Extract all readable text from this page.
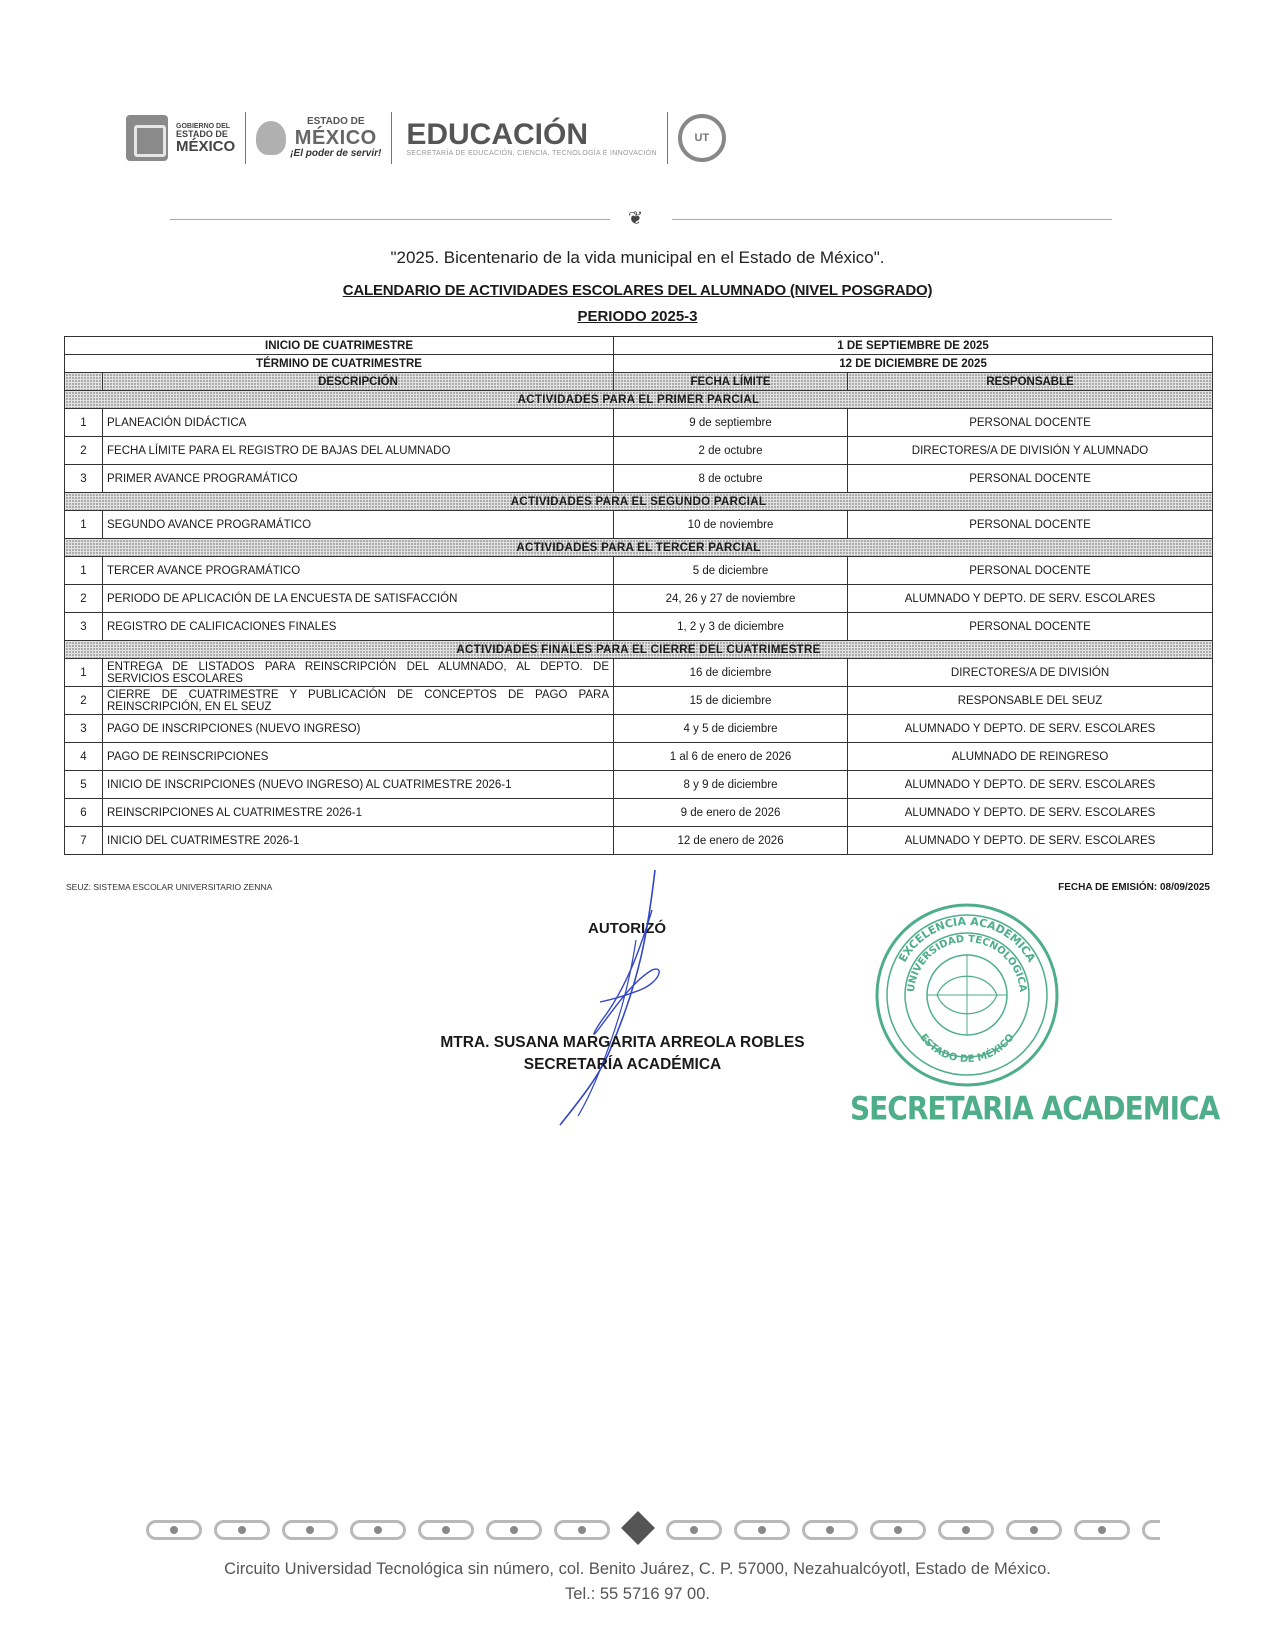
GOBIERNO DEL
ESTADO DE
MÉXICO
ESTADO DE
MÉXICO
¡El poder de servir!
EDUCACIÓN
SECRETARÍA DE EDUCACIÓN, CIENCIA, TECNOLOGÍA E INNOVACIÓN
UT
❦
"2025. Bicentenario de la vida municipal en el Estado de México".
CALENDARIO DE ACTIVIDADES ESCOLARES DEL ALUMNADO (NIVEL POSGRADO)
PERIODO 2025-3
INICIO DE CUATRIMESTRE		1 DE SEPTIEMBRE DE 2025	
TÉRMINO DE CUATRIMESTRE		12 DE DICIEMBRE DE 2025	
	DESCRIPCIÓN	FECHA LÍMITE	RESPONSABLE
ACTIVIDADES PARA EL PRIMER PARCIAL			
1	PLANEACIÓN DIDÁCTICA	9 de septiembre	PERSONAL DOCENTE
2	FECHA LÍMITE PARA EL REGISTRO DE BAJAS DEL ALUMNADO	2 de octubre	DIRECTORES/A DE DIVISIÓN Y ALUMNADO
3	PRIMER AVANCE PROGRAMÁTICO	8 de octubre	PERSONAL DOCENTE
ACTIVIDADES PARA EL SEGUNDO PARCIAL			
1	SEGUNDO AVANCE PROGRAMÁTICO	10 de noviembre	PERSONAL DOCENTE
ACTIVIDADES PARA EL TERCER PARCIAL			
1	TERCER AVANCE PROGRAMÁTICO	5 de diciembre	PERSONAL DOCENTE
2	PERIODO DE APLICACIÓN DE LA ENCUESTA DE SATISFACCIÓN	24, 26 y 27 de noviembre	ALUMNADO Y DEPTO. DE SERV. ESCOLARES
3	REGISTRO DE CALIFICACIONES FINALES	1, 2 y 3 de diciembre	PERSONAL DOCENTE
ACTIVIDADES FINALES PARA EL CIERRE DEL CUATRIMESTRE			
1	ENTREGA DE LISTADOS PARA REINSCRIPCIÓN DEL ALUMNADO, AL DEPTO. DE SERVICIOS ESCOLARES	16 de diciembre	DIRECTORES/A DE DIVISIÓN
2	CIERRE DE CUATRIMESTRE Y PUBLICACIÓN DE CONCEPTOS DE PAGO PARA REINSCRIPCIÓN, EN EL SEUZ	15 de diciembre	RESPONSABLE DEL SEUZ
3	PAGO DE INSCRIPCIONES (NUEVO INGRESO)	4 y 5 de diciembre	ALUMNADO Y DEPTO. DE SERV. ESCOLARES
4	PAGO DE REINSCRIPCIONES	1 al 6 de enero de 2026	ALUMNADO DE REINGRESO
5	INICIO DE INSCRIPCIONES (NUEVO INGRESO) AL CUATRIMESTRE 2026-1	8 y 9 de diciembre	ALUMNADO Y DEPTO. DE SERV. ESCOLARES
6	REINSCRIPCIONES AL CUATRIMESTRE 2026-1	9 de enero de 2026	ALUMNADO Y DEPTO. DE SERV. ESCOLARES
7	INICIO DEL CUATRIMESTRE 2026-1	12 de enero de 2026	ALUMNADO Y DEPTO. DE SERV. ESCOLARES
SEUZ: SISTEMA ESCOLAR UNIVERSITARIO ZENNA	FECHA DE EMISIÓN: 08/09/2025
AUTORIZÓ
MTRA. SUSANA MARGARITA ARREOLA ROBLES
SECRETARÍA ACADÉMICA
EXCELENCIA ACADÉMICA
UNIVERSIDAD TECNOLÓGICA
ESTADO DE MÉXICO
SECRETARIA ACADEMICA
Circuito Universidad Tecnológica sin número, col. Benito Juárez, C. P. 57000, Nezahualcóyotl, Estado de México.
Tel.: 55 5716 97 00.
